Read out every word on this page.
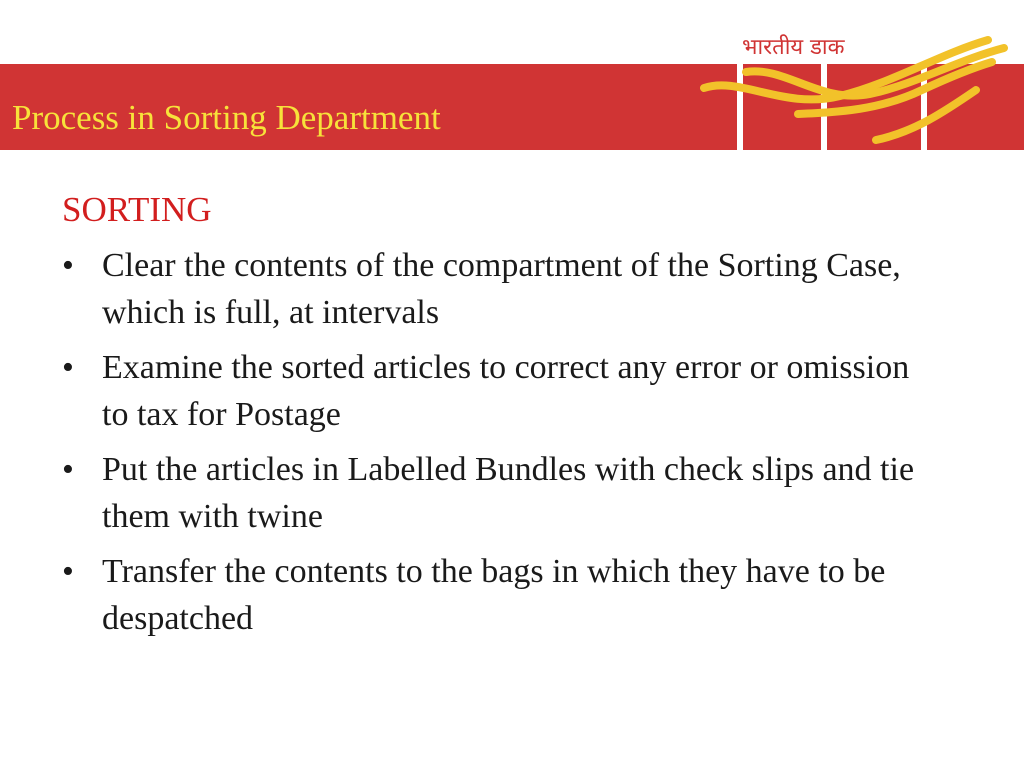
भारतीय डाक
Process in Sorting Department
SORTING
• Clear the contents of the compartment of the Sorting Case, which is full, at intervals
• Examine the sorted articles to correct any error or omission to tax for Postage
• Put the articles in Labelled Bundles with check slips and tie them with twine
• Transfer the contents to the bags in which they have to be despatched
